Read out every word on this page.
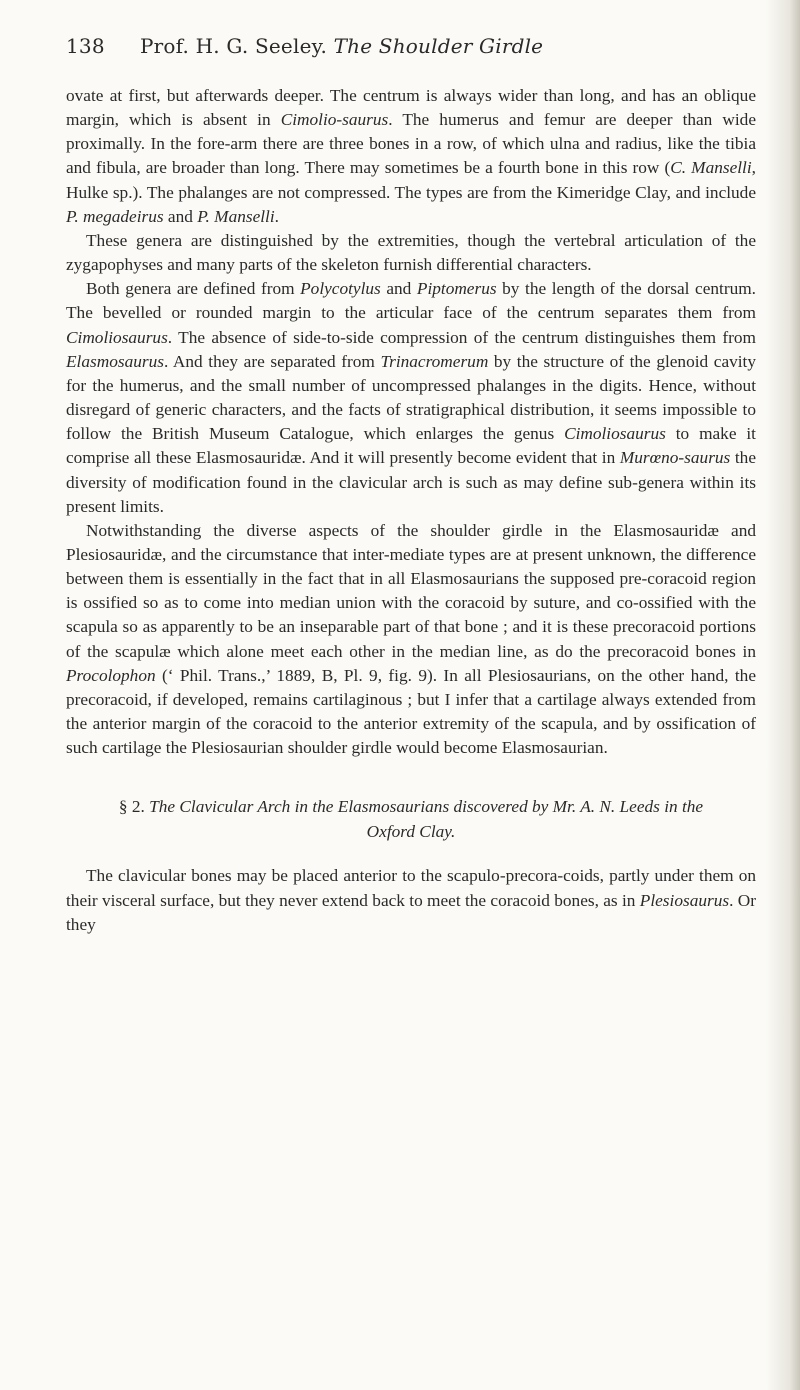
138 Prof. H. G. Seeley. The Shoulder Girdle

ovate at first, but afterwards deeper. The centrum is always wider than long, and has an oblique margin, which is absent in Cimolio-saurus. The humerus and femur are deeper than wide proximally. In the fore-arm there are three bones in a row, of which ulna and radius, like the tibia and fibula, are broader than long. There may sometimes be a fourth bone in this row (C. Manselli, Hulke sp.). The phalanges are not compressed. The types are from the Kimeridge Clay, and include P. megadeirus and P. Manselli.

These genera are distinguished by the extremities, though the vertebral articulation of the zygapophyses and many parts of the skeleton furnish differential characters.

Both genera are defined from Polycotylus and Piptomerus by the length of the dorsal centrum. The bevelled or rounded margin to the articular face of the centrum separates them from Cimoliosaurus. The absence of side-to-side compression of the centrum distinguishes them from Elasmosaurus. And they are separated from Trinacromerum by the structure of the glenoid cavity for the humerus, and the small number of uncompressed phalanges in the digits. Hence, without disregard of generic characters, and the facts of stratigraphical distribution, it seems impossible to follow the British Museum Catalogue, which enlarges the genus Cimoliosaurus to make it comprise all these Elasmosauridæ. And it will presently become evident that in Murœno-saurus the diversity of modification found in the clavicular arch is such as may define sub-genera within its present limits.

Notwithstanding the diverse aspects of the shoulder girdle in the Elasmosauridæ and Plesiosauridæ, and the circumstance that inter-mediate types are at present unknown, the difference between them is essentially in the fact that in all Elasmosaurians the supposed pre-coracoid region is ossified so as to come into median union with the coracoid by suture, and co-ossified with the scapula so as apparently to be an inseparable part of that bone ; and it is these precoracoid portions of the scapulæ which alone meet each other in the median line, as do the precoracoid bones in Procolophon (‘ Phil. Trans.,’ 1889, B, Pl. 9, fig. 9). In all Plesiosaurians, on the other hand, the precoracoid, if developed, remains cartilaginous ; but I infer that a cartilage always extended from the anterior margin of the coracoid to the anterior extremity of the scapula, and by ossification of such cartilage the Plesiosaurian shoulder girdle would become Elasmosaurian.

§ 2. The Clavicular Arch in the Elasmosaurians discovered by Mr. A. N. Leeds in the Oxford Clay.

The clavicular bones may be placed anterior to the scapulo-precora-coids, partly under them on their visceral surface, but they never extend back to meet the coracoid bones, as in Plesiosaurus. Or they
